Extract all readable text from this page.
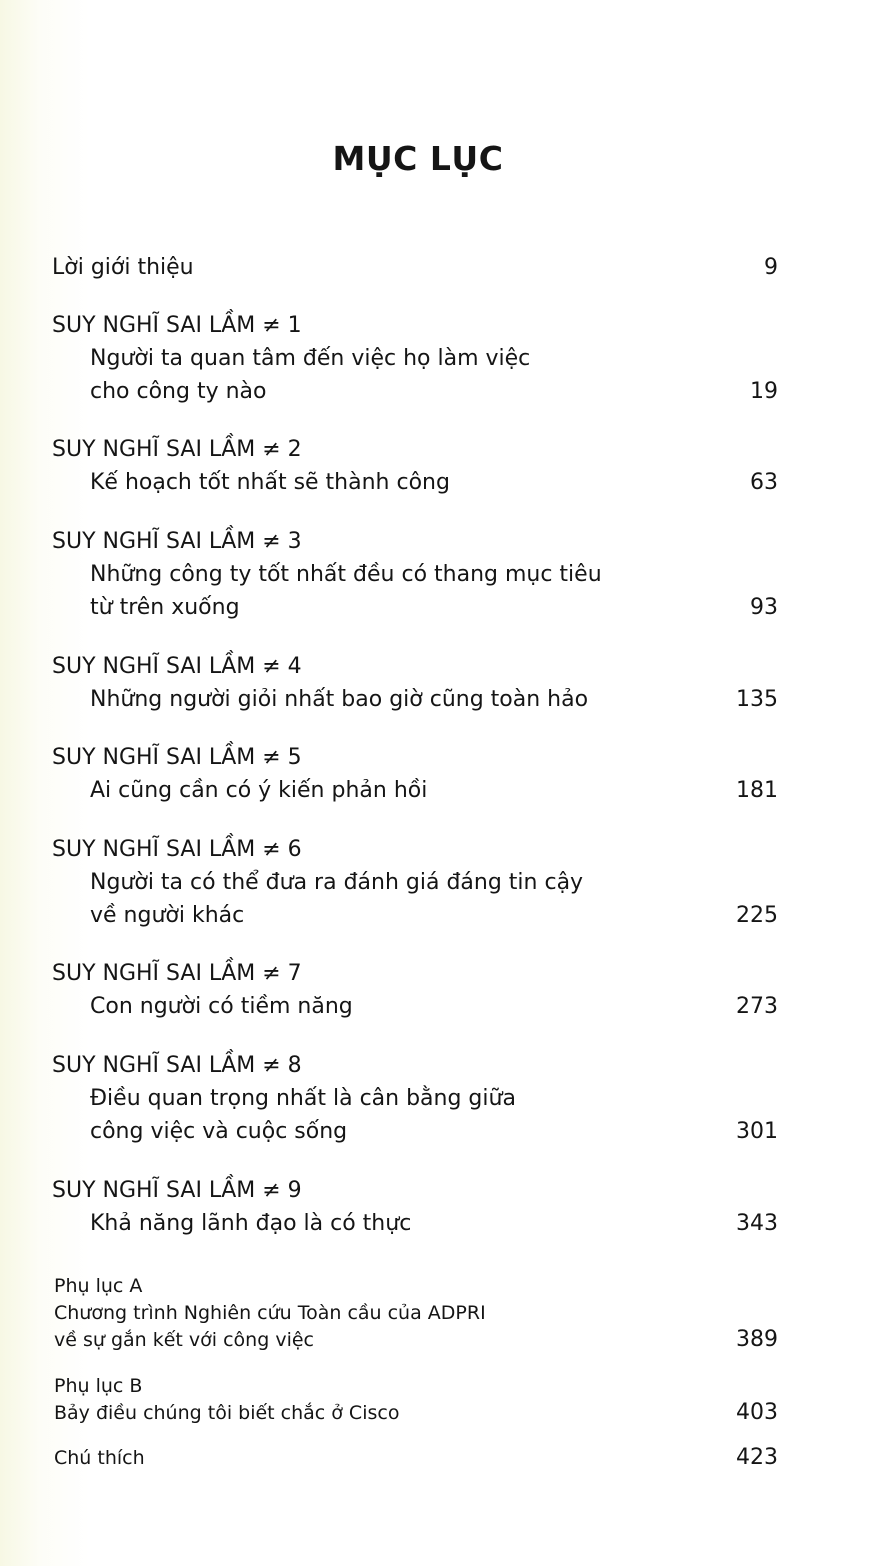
MỤC LỤC
Lời giới thiệu	9
SUY NGHĨ SAI LẦM ≠ 1
Người ta quan tâm đến việc họ làm việc
cho công ty nào	19
SUY NGHĨ SAI LẦM ≠ 2
Kế hoạch tốt nhất sẽ thành công	63
SUY NGHĨ SAI LẦM ≠ 3
Những công ty tốt nhất đều có thang mục tiêu
từ trên xuống	93
SUY NGHĨ SAI LẦM ≠ 4
Những người giỏi nhất bao giờ cũng toàn hảo	135
SUY NGHĨ SAI LẦM ≠ 5
Ai cũng cần có ý kiến phản hồi	181
SUY NGHĨ SAI LẦM ≠ 6
Người ta có thể đưa ra đánh giá đáng tin cậy
về người khác	225
SUY NGHĨ SAI LẦM ≠ 7
Con người có tiềm năng	273
SUY NGHĨ SAI LẦM ≠ 8
Điều quan trọng nhất là cân bằng giữa
công việc và cuộc sống	301
SUY NGHĨ SAI LẦM ≠ 9
Khả năng lãnh đạo là có thực	343
Phụ lục A
Chương trình Nghiên cứu Toàn cầu của ADPRI
về sự gắn kết với công việc	389
Phụ lục B
Bảy điều chúng tôi biết chắc ở Cisco	403
Chú thích	423
